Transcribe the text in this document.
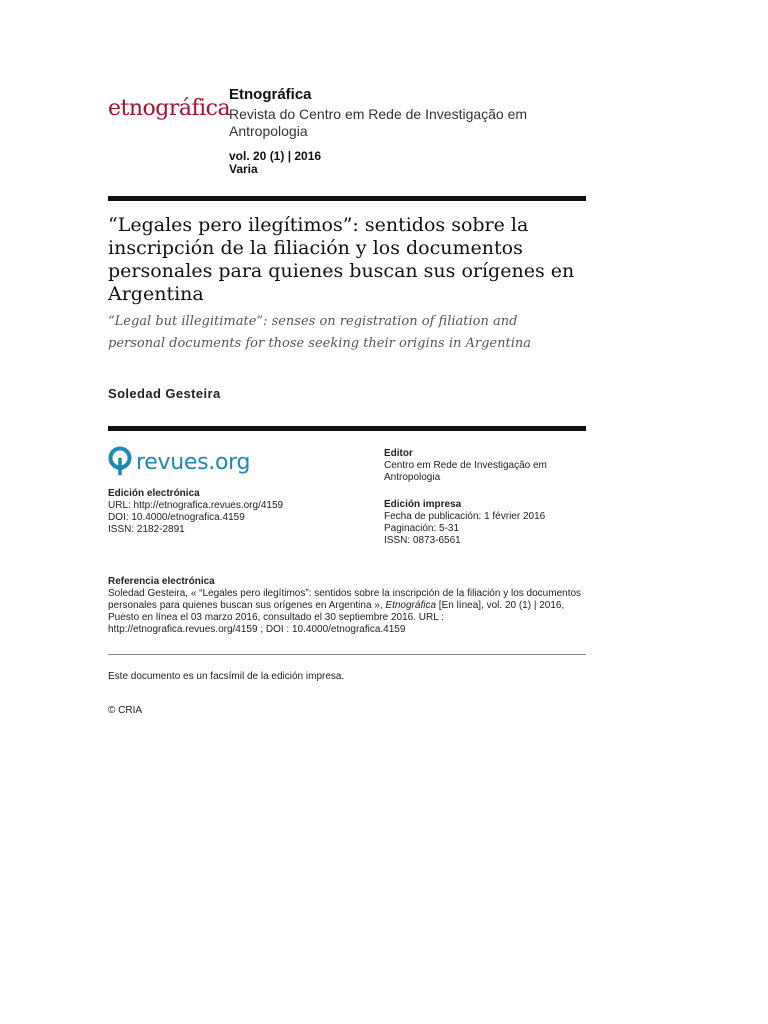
etnográfica

Etnográfica

Revista do Centro em Rede de Investigação em Antropologia

vol. 20 (1) | 2016

Varia

“Legales pero ilegítimos”: sentidos sobre la inscripción de la filiación y los documentos personales para quienes buscan sus orígenes en Argentina

“Legal but illegitimate”: senses on registration of filiation and personal documents for those seeking their origins in Argentina

Soledad Gesteira

revues.org
Edición electrónica
URL: http://etnografica.revues.org/4159
DOI: 10.4000/etnografica.4159
ISSN: 2182-2891
Editor
Centro em Rede de Investigação em Antropologia
Edición impresa
Fecha de publicación: 1 février 2016
Paginación: 5-31
ISSN: 0873-6561
Referencia electrónica
Soledad Gesteira, « “Legales pero ilegítimos”: sentidos sobre la inscripción de la filiación y los documentos personales para quienes buscan sus orígenes en Argentina », Etnográfica [En línea], vol. 20 (1) | 2016, Puesto en línea el 03 marzo 2016, consultado el 30 septiembre 2016. URL : http://etnografica.revues.org/4159 ; DOI : 10.4000/etnografica.4159

Este documento es un facsímil de la edición impresa.

© CRIA
